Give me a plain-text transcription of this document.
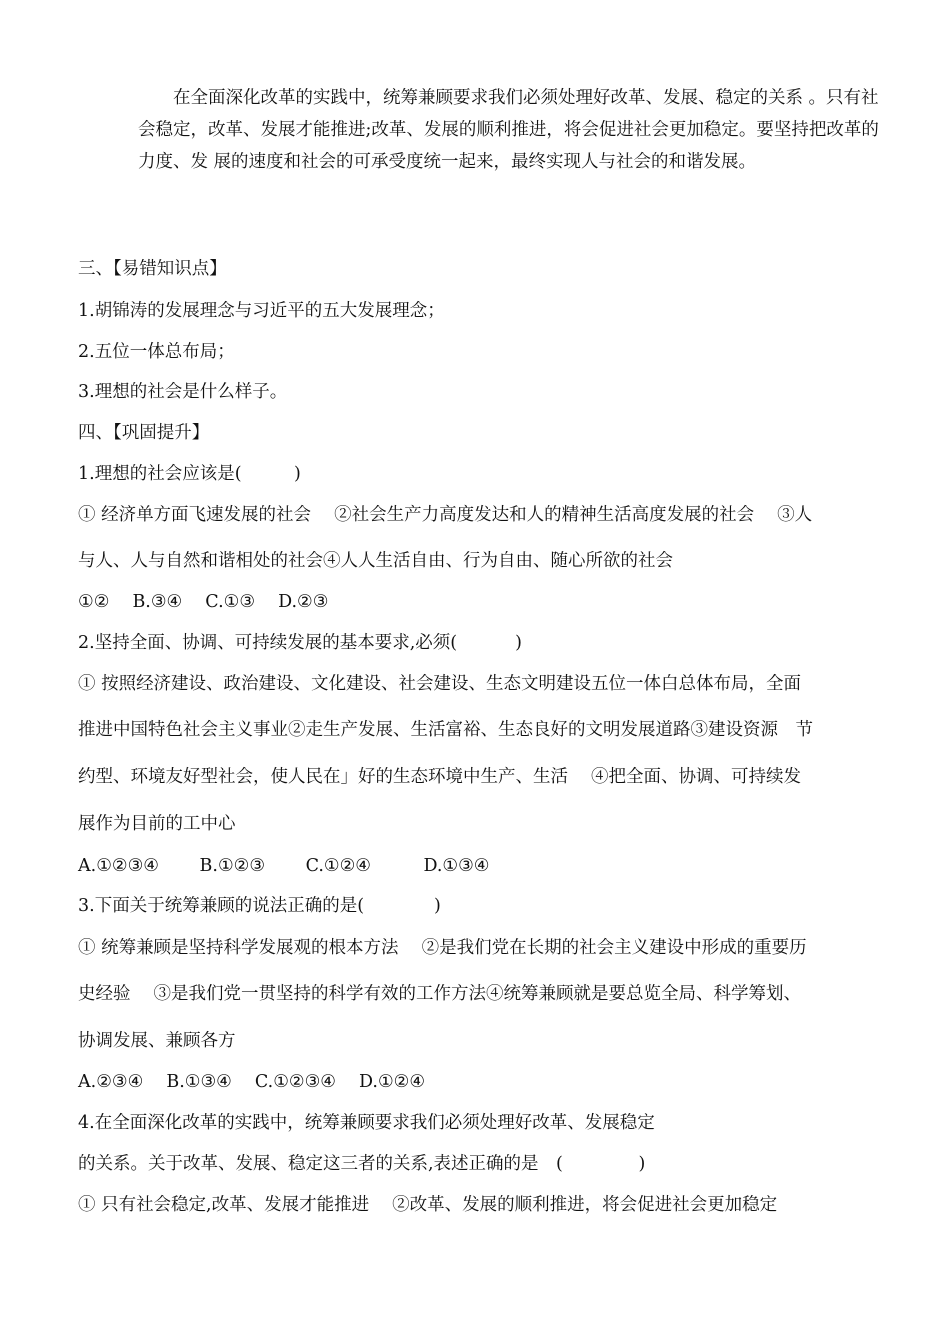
在全面深化改革的实践中，统筹兼顾要求我们必须处理好改革、发展、稳定的关系 。只有社会稳定，改革、发展才能推进;改革、发展的顺利推进，将会促进社会更加稳定。要坚持把改革的力度、发 展的速度和社会的可承受度统一起来，最终实现人与社会的和谐发展。

三、【易错知识点】
1.胡锦涛的发展理念与习近平的五大发展理念；
2.五位一体总布局；
3.理想的社会是什么样子。
四、【巩固提升】
1.理想的社会应该是(　　　)
① 经济单方面飞速发展的社会　 ②社会生产力高度发达和人的精神生活高度发展的社会　 ③人
与人、人与自然和谐相处的社会④人人生活自由、行为自由、随心所欲的社会
①②　 B.③④　 C.①③　 D.②③
2.坚持全面、协调、可持续发展的基本要求,必须(　　　 )
① 按照经济建设、政治建设、文化建设、社会建设、生态文明建设五位一体白总体布局，全面
推进中国特色社会主义事业②走生产发展、生活富裕、生态良好的文明发展道路③建设资源　节
约型、环境友好型社会，使人民在」好的生态环境中生产、生活　 ④把全面、协调、可持续发
展作为目前的工中心
A.①②③④　　 B.①②③　　 C.①②④　　　D.①③④
3.下面关于统筹兼顾的说法正确的是(　　　　)
① 统筹兼顾是坚持科学发展观的根本方法　 ②是我们党在长期的社会主义建设中形成的重要历
史经验　 ③是我们党一贯坚持的科学有效的工作方法④统筹兼顾就是要总览全局、科学筹划、
协调发展、兼顾各方
A.②③④　 B.①③④　 C.①②③④　 D.①②④
4.在全面深化改革的实践中，统筹兼顾要求我们必须处理好改革、发展稳定
的关系。关于改革、发展、稳定这三者的关系,表述正确的是　(　　　　 )
① 只有社会稳定,改革、发展才能推进　 ②改革、发展的顺利推进，将会促进社会更加稳定
